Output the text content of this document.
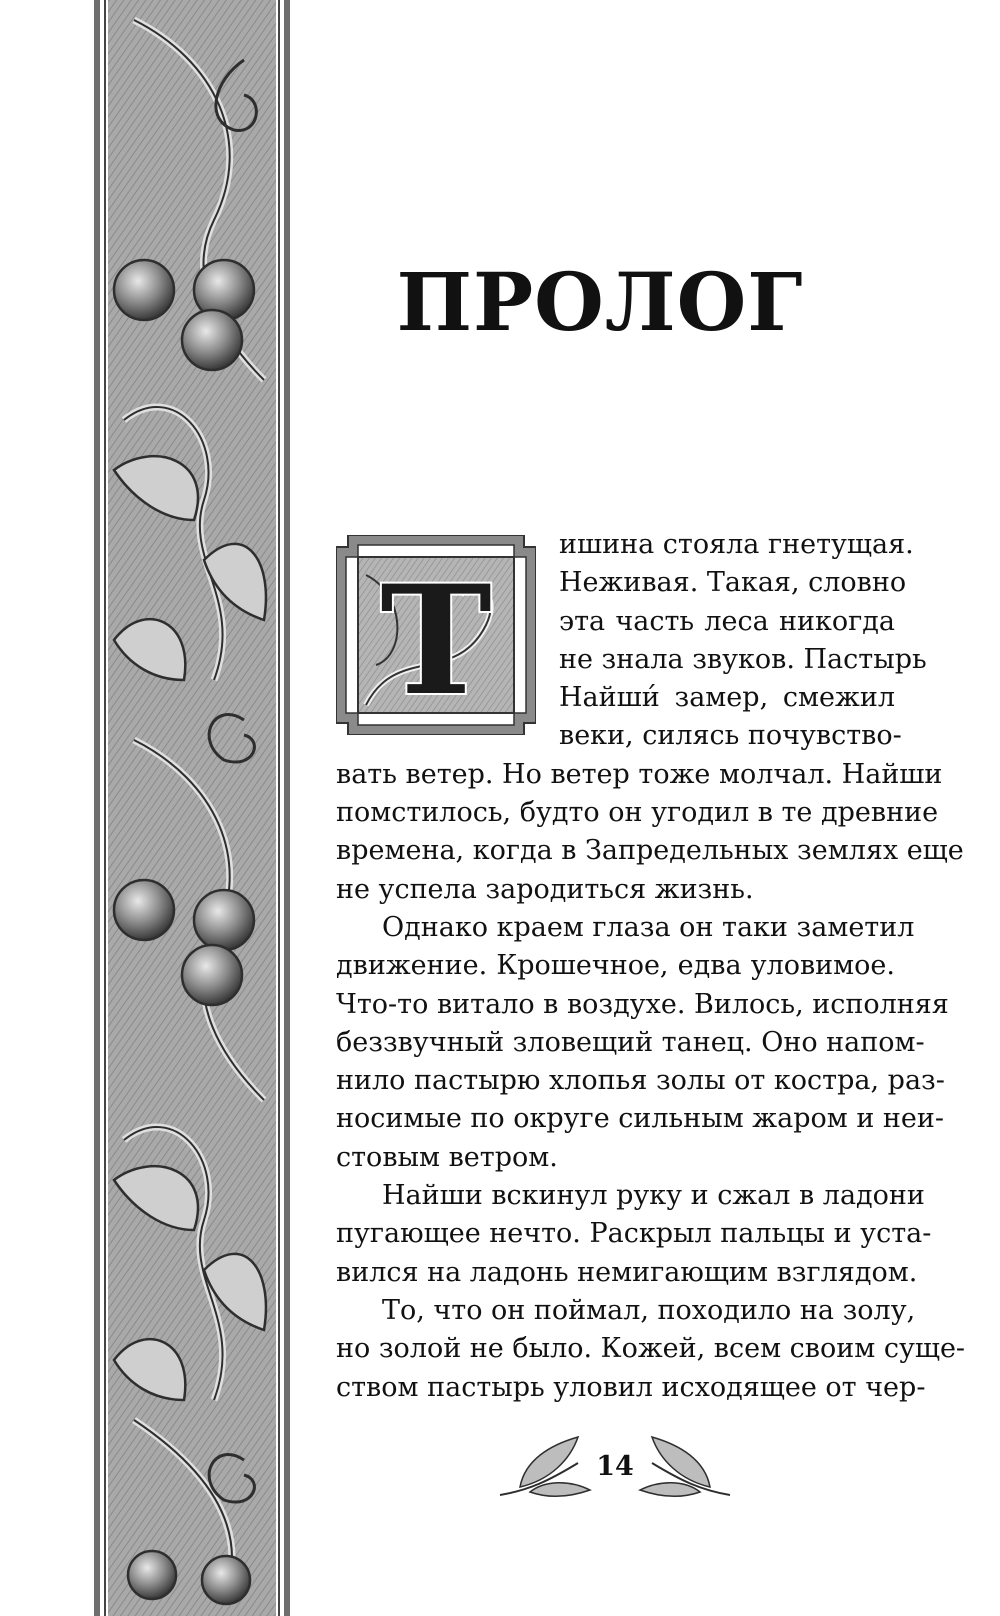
ПРОЛОГ
Т
ишина стояла гнетущая.
Неживая. Такая, словно
эта часть леса никогда
не знала звуков. Пастырь
Найши́ замер, смежил
веки, силясь почувство-
вать ветер. Но ветер тоже молчал. Найши
помстилось, будто он угодил в те древние
времена, когда в Запредельных землях еще
не успела зародиться жизнь.
Однако краем глаза он таки заметил
движение. Крошечное, едва уловимое.
Что-то витало в воздухе. Вилось, исполняя
беззвучный зловещий танец. Оно напом-
нило пастырю хлопья золы от костра, раз-
носимые по округе сильным жаром и неи-
стовым ветром.
Найши вскинул руку и сжал в ладони
пугающее нечто. Раскрыл пальцы и уста-
вился на ладонь немигающим взглядом.
То, что он поймал, походило на золу,
но золой не было. Кожей, всем своим суще-
ством пастырь уловил исходящее от чер-
14
